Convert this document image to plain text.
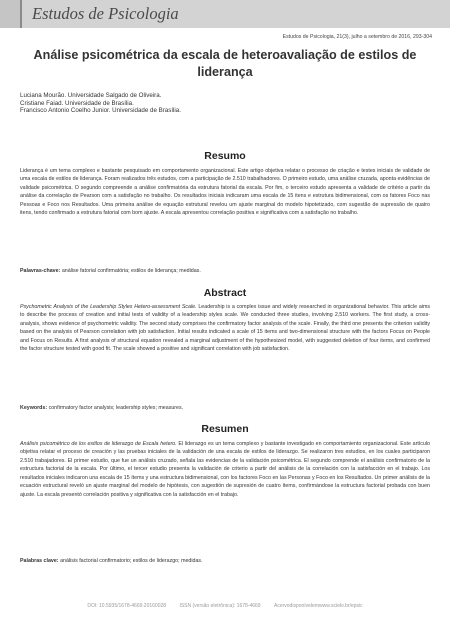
Estudos de Psicologia
Estudos de Psicologia, 21(3), julho a setembro de 2016, 293-304
Análise psicométrica da escala de heteroavaliação de estilos de liderança
Luciana Mourão. Universidade Salgado de Oliveira.
Cristiane Faiad. Universidade de Brasília.
Francisco Antonio Coelho Junior. Universidade de Brasília.
Resumo
Liderança é um tema complexo e bastante pesquisado em comportamento organizacional. Este artigo objetiva relatar o processo de criação e testes iniciais de validade de uma escala de estilos de liderança. Foram realizados três estudos, com a participação de 2.510 trabalhadores. O primeiro estudo, uma análise cruzada, aponta evidências de validade psicométrica. O segundo compreende a análise confirmatória da estrutura fatorial da escala. Por fim, o terceiro estudo apresenta a validade de critério a partir da análise da correlação de Pearson com a satisfação no trabalho. Os resultados iniciais indicaram uma escala de 15 itens e estrutura bidimensional, com os fatores Foco nas Pessoas e Foco nos Resultados. Uma primeira análise de equação estrutural revelou um ajuste marginal do modelo hipotetizado, com sugestão de supressão de quatro itens, tendo confirmado a estrutura fatorial com bom ajuste. A escala apresentou correlação positiva e significativa com a satisfação no trabalho.
Palavras-chave: análise fatorial confirmatória; estilos de liderança; medidas.
Abstract
Psychometric Analysis of the Leadership Styles Hetero-assessment Scale. Leadership is a complex issue and widely researched in organizational behavior. This article aims to describe the process of creation and initial tests of validity of a leadership styles scale. We conducted three studies, involving 2,510 workers. The first study, a cross-analysis, shows evidence of psychometric validity. The second study comprises the confirmatory factor analysis of the scale. Finally, the third one presents the criterion validity based on the analysis of Pearson correlation with job satisfaction. Initial results indicated a scale of 15 items and two-dimensional structure with the factors Focus on People and Focus on Results. A first analysis of structural equation revealed a marginal adjustment of the hypothesized model, with suggested deletion of four items, and confirmed the factor structure tested with good fit. The scale showed a positive and significant correlation with job satisfaction.
Keywords: confirmatory factor analysis; leadership styles; measures.
Resumen
Análisis psicométrico de los estilos de liderazgo de Escala hetero. El liderazgo es un tema complexo y bastante investigado en comportamiento organizacional. Este artículo objetiva relatar el proceso de creación y las pruebas iniciales de la validación de una escala de estilos de liderazgo. Se realizaron tres estudios, en los cuales participaron 2.510 trabajadores. El primer estudio, que fue un análisis cruzado, señala las evidencias de la validación psicométrica. El segundo comprende el análisis confirmatorio de la estructura factorial de la escala. Por último, el tercer estudio presenta la validación de criterio a partir del análisis de la correlación con la satisfacción en el trabajo. Los resultados iniciales indicaron una escala de 15 ítems y una estructura bidimensional, con los factores Foco en las Personas y Foco en los Resultados. Un primer análisis de la ecuación estructural reveló un ajuste marginal del modelo de hipótesis, con sugestión de supresión de cuatro ítems, confirmándose la estructura factorial probada con buen ajuste. La escala presentó correlación positiva y significativa con la satisfacción en el trabajo.
Palabras clave: análisis factorial confirmatorio; estilos de liderazgo; medidas.
DOI: 10.5935/1678-4669.20160028	ISSN (versão eletrônica): 1678-4669	Acervodisponívelemwww.scielo.br/epsic
